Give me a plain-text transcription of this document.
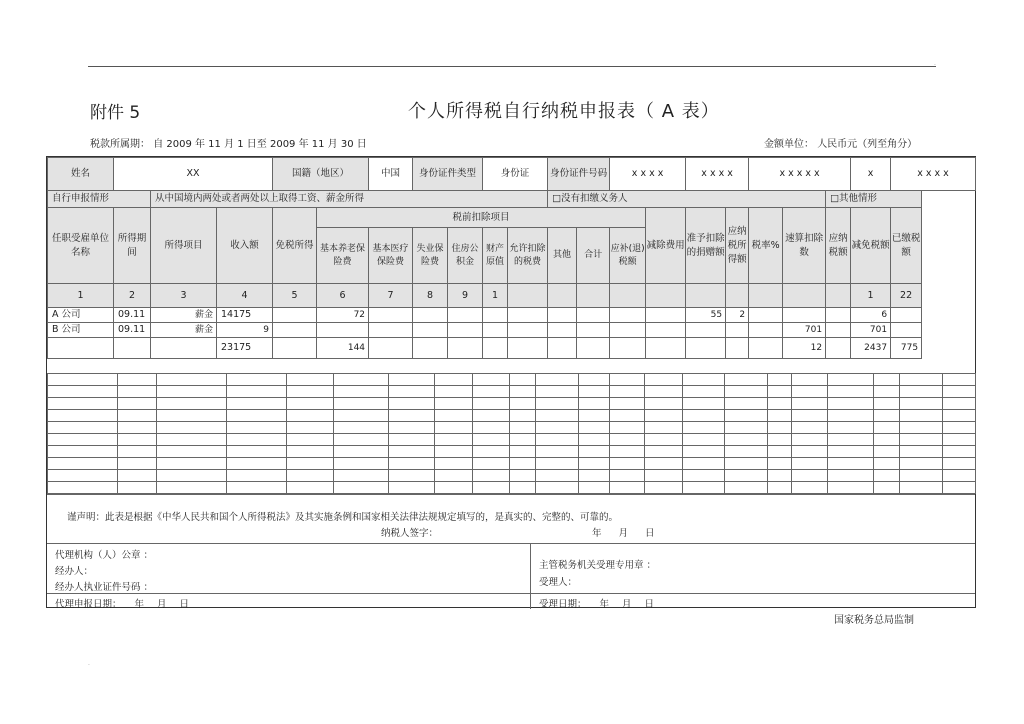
.
.
附件 5	个人所得税自行纳税申报表（ A 表）
税款所属期： 自 2009 年 11 月 1 日至 2009 年 11 月 30 日	金额单位： 人民币元（列至角分）
姓名	XX			国籍（地区）		中国	身份证件类型		身份证		身份证件号码		x x x x		x x x x		x x x x x			x	x x x x
自行申报情形		从中国境内两处或者两处以上取得工资、薪金所得									□没有扣缴义务人								□其他情形		
任职受雇单位名称	所得期间	所得项目	收入额	免税所得	税前扣除项目									减除费用	准予扣除的捐赠额	应纳税所得额	税率%	速算扣除数	应纳税额	减免税额	已缴税额
					基本养老保险费	基本医疗保险费	失业保险费	住房公积金	财产原值	允许扣除的税费	其他	合计	应补(退)税额								
1	2	3	4	5	6	7	8	9	1											1	22
A 公司	09.11	薪金	14175		72										55	2				6	
B 公司	09.11	薪金	9															701		701	
			23175		144													12		2437	775

谨声明：此表是根据《中华人民共和国个人所得税法》及其实施条例和国家相关法律法规规定填写的，是真实的、完整的、可靠的。
纳税人签字：	年 月 日
代理机构（人）公章 ：
经办人：
经办人执业证件号码 ：
主管税务机关受理专用章 ：
受理人：
代理申报日期： 年 月 日	受理日期： 年 月 日
国家税务总局监制
